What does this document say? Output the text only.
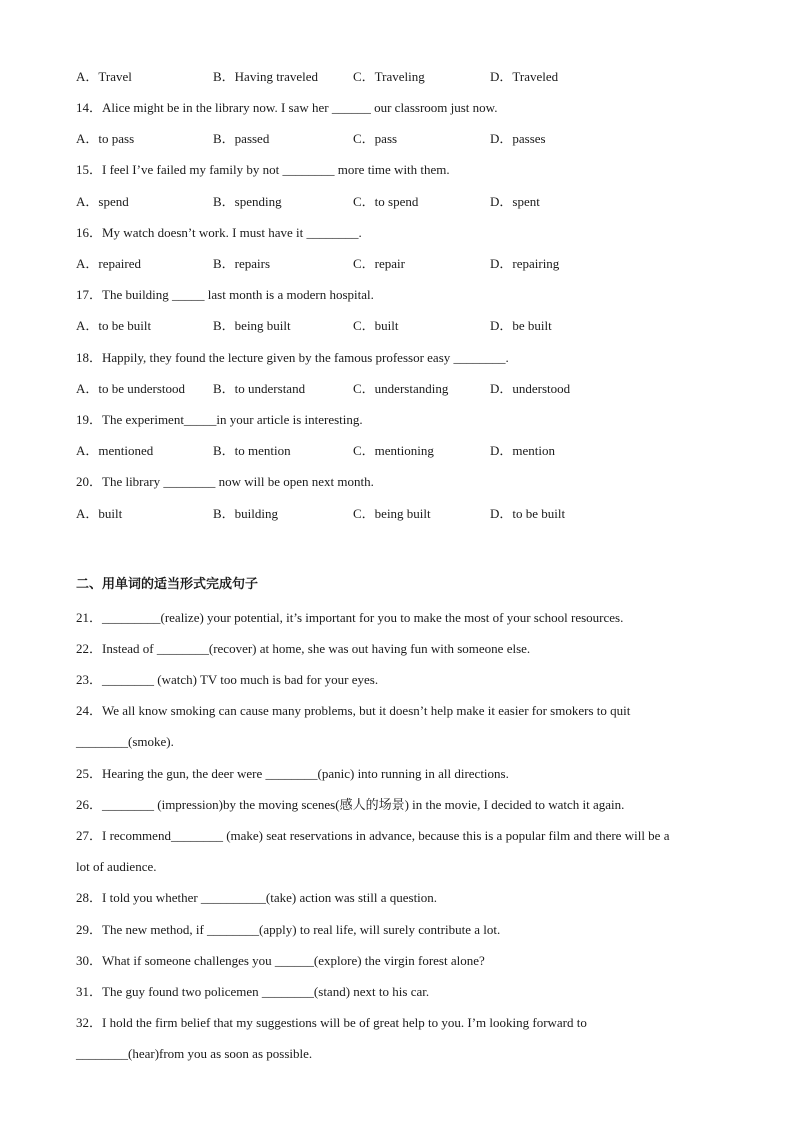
A．Travel	B．Having traveled	C．Traveling	D．Traveled
14．Alice might be in the library now. I saw her ______ our classroom just now.
A．to pass	B．passed	C．pass	D．passes
15．I feel I’ve failed my family by not ________ more time with them.
A．spend	B．spending	C．to spend	D．spent
16．My watch doesn’t work. I must have it ________.
A．repaired	B．repairs	C．repair	D．repairing
17．The building _____ last month is a modern hospital.
A．to be built	B．being built	C．built	D．be built
18．Happily, they found the lecture given by the famous professor easy ________.
A．to be understood B．to understand	C．understanding	D．understood
19．The experiment_____in your article is interesting.
A．mentioned	B．to mention	C．mentioning	D．mention
20．The library ________ now will be open next month.
A．built	B．building	C．being built	D．to be built
二、用单词的适当形式完成句子
21．_________(realize) your potential, it’s important for you to make the most of your school resources.
22．Instead of ________(recover) at home, she was out having fun with someone else.
23．________ (watch) TV too much is bad for your eyes.
24．We all know smoking can cause many problems, but it doesn’t help make it easier for smokers to quit
________(smoke).
25．Hearing the gun, the deer were ________(panic) into running in all directions.
26．________ (impression)by the moving scenes(感人的场景) in the movie, I decided to watch it again.
27．I recommend________ (make) seat reservations in advance, because this is a popular film and there will be a
lot of audience.
28．I told you whether __________(take) action was still a question.
29．The new method, if ________(apply) to real life, will surely contribute a lot.
30．What if someone challenges you ______(explore) the virgin forest alone?
31．The guy found two policemen ________(stand) next to his car.
32．I hold the firm belief that my suggestions will be of great help to you. I’m looking forward to
________(hear)from you as soon as possible.
